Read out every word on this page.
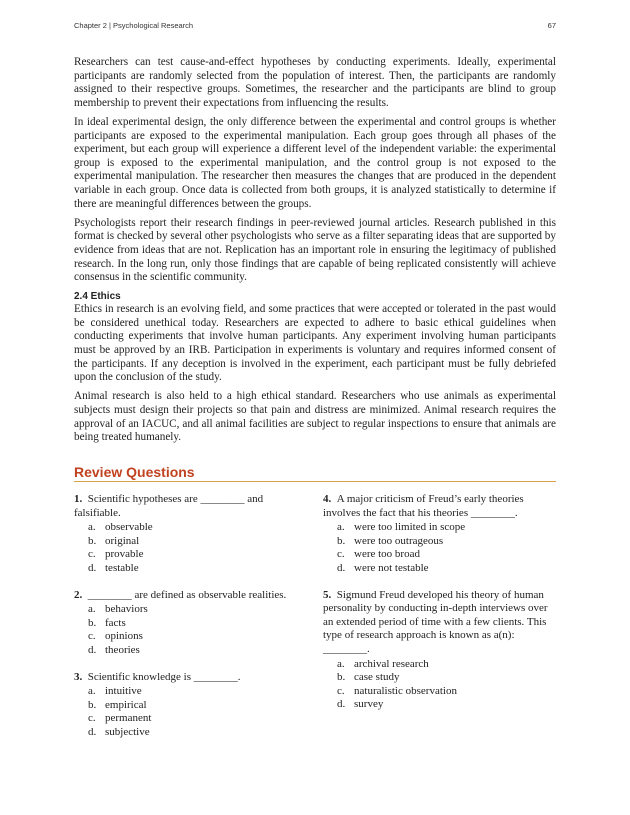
Chapter 2 | Psychological Research	67

Researchers can test cause-and-effect hypotheses by conducting experiments. Ideally, experimental participants are randomly selected from the population of interest. Then, the participants are randomly assigned to their respective groups. Sometimes, the researcher and the participants are blind to group membership to prevent their expectations from influencing the results.

In ideal experimental design, the only difference between the experimental and control groups is whether participants are exposed to the experimental manipulation. Each group goes through all phases of the experiment, but each group will experience a different level of the independent variable: the experimental group is exposed to the experimental manipulation, and the control group is not exposed to the experimental manipulation. The researcher then measures the changes that are produced in the dependent variable in each group. Once data is collected from both groups, it is analyzed statistically to determine if there are meaningful differences between the groups.

Psychologists report their research findings in peer-reviewed journal articles. Research published in this format is checked by several other psychologists who serve as a filter separating ideas that are supported by evidence from ideas that are not. Replication has an important role in ensuring the legitimacy of published research. In the long run, only those findings that are capable of being replicated consistently will achieve consensus in the scientific community.

2.4 Ethics

Ethics in research is an evolving field, and some practices that were accepted or tolerated in the past would be considered unethical today. Researchers are expected to adhere to basic ethical guidelines when conducting experiments that involve human participants. Any experiment involving human participants must be approved by an IRB. Participation in experiments is voluntary and requires informed consent of the participants. If any deception is involved in the experiment, each participant must be fully debriefed upon the conclusion of the study.

Animal research is also held to a high ethical standard. Researchers who use animals as experimental subjects must design their projects so that pain and distress are minimized. Animal research requires the approval of an IACUC, and all animal facilities are subject to regular inspections to ensure that animals are being treated humanely.

Review Questions

1. Scientific hypotheses are ________ and falsifiable.

a. observable
b. original
c. provable
d. testable

2. ________ are defined as observable realities.

a. behaviors
b. facts
c. opinions
d. theories

3. Scientific knowledge is ________.

a. intuitive
b. empirical
c. permanent
d. subjective

4. A major criticism of Freud’s early theories involves the fact that his theories ________.

a. were too limited in scope
b. were too outrageous
c. were too broad
d. were not testable

5. Sigmund Freud developed his theory of human personality by conducting in-depth interviews over an extended period of time with a few clients. This type of research approach is known as a(n): ________.

a. archival research
b. case study
c. naturalistic observation
d. survey
